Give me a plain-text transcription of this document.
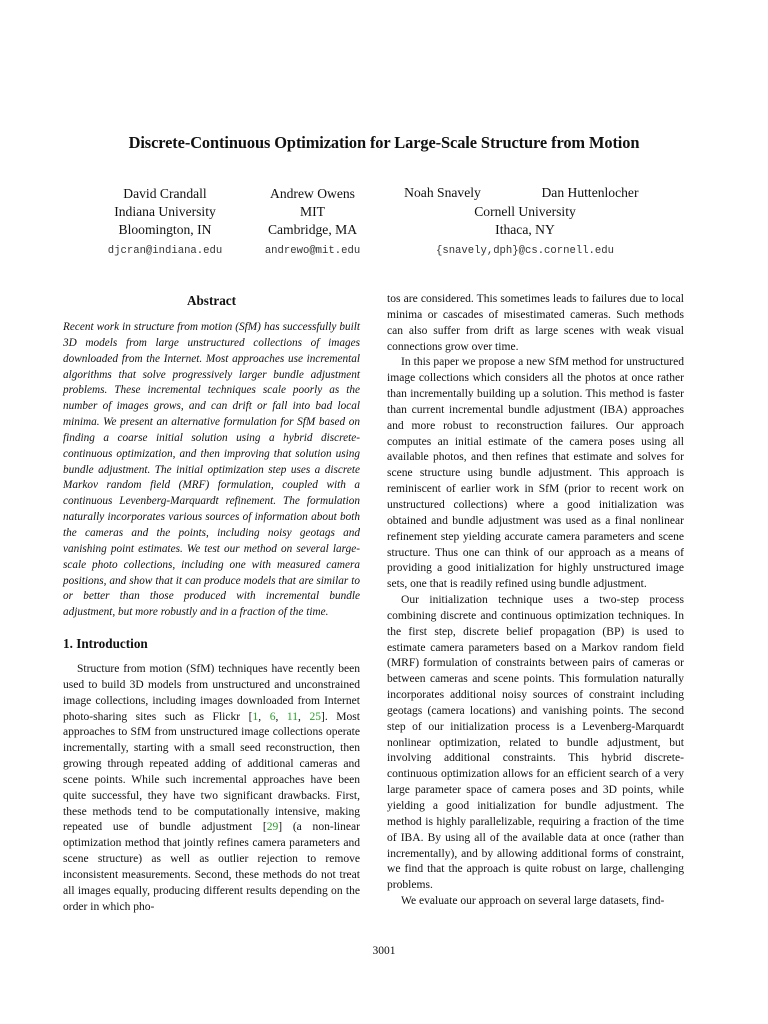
Discrete-Continuous Optimization for Large-Scale Structure from Motion
David Crandall
Indiana University
Bloomington, IN
djcran@indiana.edu
Andrew Owens
MIT
Cambridge, MA
andrewo@mit.edu
Noah Snavely	Dan Huttenlocher
Cornell University
Ithaca, NY
{snavely,dph}@cs.cornell.edu
Abstract

Recent work in structure from motion (SfM) has successfully built 3D models from large unstructured collections of images downloaded from the Internet. Most approaches use incremental algorithms that solve progressively larger bundle adjustment problems. These incremental techniques scale poorly as the number of images grows, and can drift or fall into bad local minima. We present an alternative formulation for SfM based on finding a coarse initial solution using a hybrid discrete-continuous optimization, and then improving that solution using bundle adjustment. The initial optimization step uses a discrete Markov random field (MRF) formulation, coupled with a continuous Levenberg-Marquardt refinement. The formulation naturally incorporates various sources of information about both the cameras and the points, including noisy geotags and vanishing point estimates. We test our method on several large-scale photo collections, including one with measured camera positions, and show that it can produce models that are similar to or better than those produced with incremental bundle adjustment, but more robustly and in a fraction of the time.

1. Introduction

Structure from motion (SfM) techniques have recently been used to build 3D models from unstructured and unconstrained image collections, including images downloaded from Internet photo-sharing sites such as Flickr [1, 6, 11, 25]. Most approaches to SfM from unstructured image collections operate incrementally, starting with a small seed reconstruction, then growing through repeated adding of additional cameras and scene points. While such incremental approaches have been quite successful, they have two significant drawbacks. First, these methods tend to be computationally intensive, making repeated use of bundle adjustment [29] (a non-linear optimization method that jointly refines camera parameters and scene structure) as well as outlier rejection to remove inconsistent measurements. Second, these methods do not treat all images equally, producing different results depending on the order in which pho-

tos are considered. This sometimes leads to failures due to local minima or cascades of misestimated cameras. Such methods can also suffer from drift as large scenes with weak visual connections grow over time.

In this paper we propose a new SfM method for unstructured image collections which considers all the photos at once rather than incrementally building up a solution. This method is faster than current incremental bundle adjustment (IBA) approaches and more robust to reconstruction failures. Our approach computes an initial estimate of the camera poses using all available photos, and then refines that estimate and solves for scene structure using bundle adjustment. This approach is reminiscent of earlier work in SfM (prior to recent work on unstructured collections) where a good initialization was obtained and bundle adjustment was used as a final nonlinear refinement step yielding accurate camera parameters and scene structure. Thus one can think of our approach as a means of providing a good initialization for highly unstructured image sets, one that is readily refined using bundle adjustment.

Our initialization technique uses a two-step process combining discrete and continuous optimization techniques. In the first step, discrete belief propagation (BP) is used to estimate camera parameters based on a Markov random field (MRF) formulation of constraints between pairs of cameras or between cameras and scene points. This formulation naturally incorporates additional noisy sources of constraint including geotags (camera locations) and vanishing points. The second step of our initialization process is a Levenberg-Marquardt nonlinear optimization, related to bundle adjustment, but involving additional constraints. This hybrid discrete-continuous optimization allows for an efficient search of a very large parameter space of camera poses and 3D points, while yielding a good initialization for bundle adjustment. The method is highly parallelizable, requiring a fraction of the time of IBA. By using all of the available data at once (rather than incrementally), and by allowing additional forms of constraint, we find that the approach is quite robust on large, challenging problems.

We evaluate our approach on several large datasets, find-

3001
